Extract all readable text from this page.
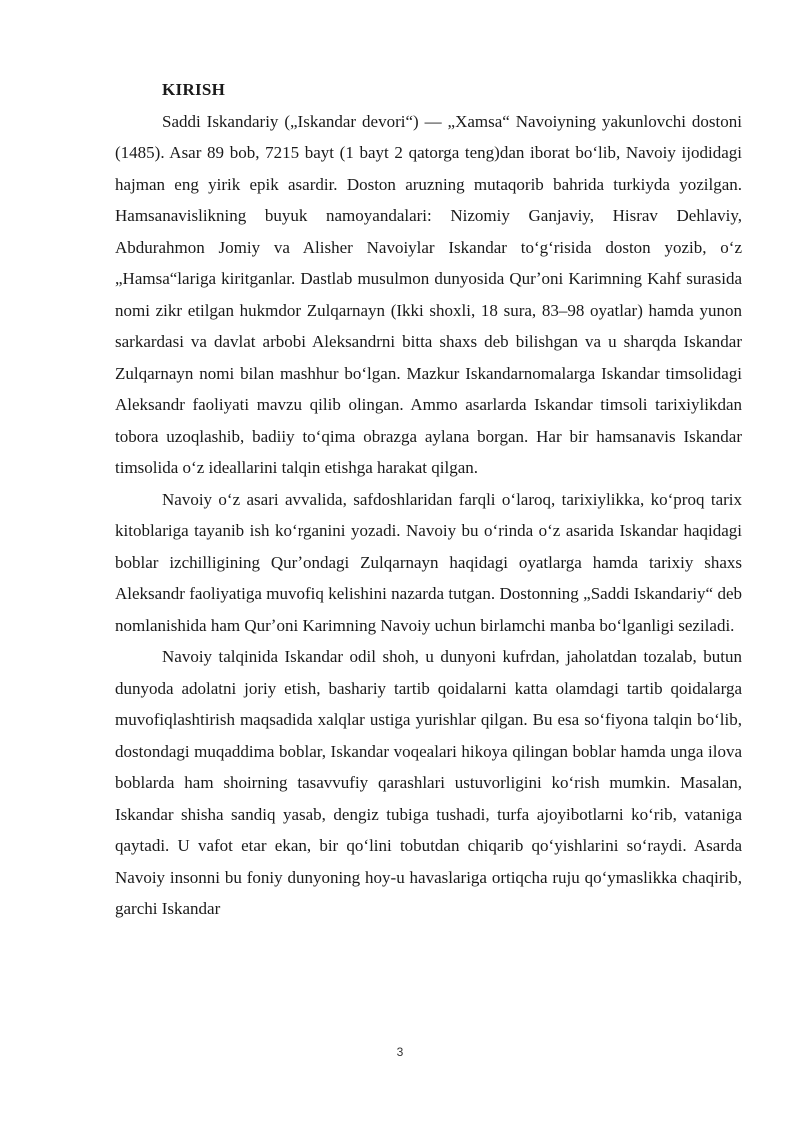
KIRISH

Saddi Iskandariy („Iskandar devori“) — „Xamsa“ Navoiyning yakunlovchi dostoni (1485). Asar 89 bob, 7215 bayt (1 bayt 2 qatorga teng)dan iborat boʻlib, Navoiy ijodidagi hajman eng yirik epik asardir. Doston aruzning mutaqorib bahrida turkiyda yozilgan. Hamsanavislikning buyuk namoyandalari: Nizomiy Ganjaviy, Hisrav Dehlaviy, Abdurahmon Jomiy va Alisher Navoiylar Iskandar toʻgʻrisida doston yozib, oʻz „Hamsa“lariga kiritganlar. Dastlab musulmon dunyosida Qurʼoni Karimning Kahf surasida nomi zikr etilgan hukmdor Zulqarnayn (Ikki shoxli, 18 sura, 83–98 oyatlar) hamda yunon sarkardasi va davlat arbobi Aleksandrni bitta shaxs deb bilishgan va u sharqda Iskandar Zulqarnayn nomi bilan mashhur boʻlgan. Mazkur Iskandarnomalarga Iskandar timsolidagi Aleksandr faoliyati mavzu qilib olingan. Ammo asarlarda Iskandar timsoli tarixiylikdan tobora uzoqlashib, badiiy toʻqima obrazga aylana borgan. Har bir hamsanavis Iskandar timsolida oʻz ideallarini talqin etishga harakat qilgan.

Navoiy oʻz asari avvalida, safdoshlaridan farqli oʻlaroq, tarixiylikka, koʻproq tarix kitoblariga tayanib ish koʻrganini yozadi. Navoiy bu oʻrinda oʻz asarida Iskandar haqidagi boblar izchilligining Qurʼondagi Zulqarnayn haqidagi oyatlarga hamda tarixiy shaxs Aleksandr faoliyatiga muvofiq kelishini nazarda tutgan. Dostonning „Saddi Iskandariy“ deb nomlanishida ham Qurʼoni Karimning Navoiy uchun birlamchi manba boʻlganligi seziladi.

Navoiy talqinida Iskandar odil shoh, u dunyoni kufrdan, jaholatdan tozalab, butun dunyoda adolatni joriy etish, bashariy tartib qoidalarni katta olamdagi tartib qoidalarga muvofiqlashtirish maqsadida xalqlar ustiga yurishlar qilgan. Bu esa soʻfiyona talqin boʻlib, dostondagi muqaddima boblar, Iskandar voqealari hikoya qilingan boblar hamda unga ilova boblarda ham shoirning tasavvufiy qarashlari ustuvorligini koʻrish mumkin. Masalan, Iskandar shisha sandiq yasab, dengiz tubiga tushadi, turfa ajoyibotlarni koʻrib, vataniga qaytadi. U vafot etar ekan, bir qoʻlini tobutdan chiqarib qoʻyishlarini soʻraydi. Asarda Navoiy insonni bu foniy dunyoning hoy-u havaslariga ortiqcha ruju qoʻymaslikka chaqirib, garchi Iskandar

3
